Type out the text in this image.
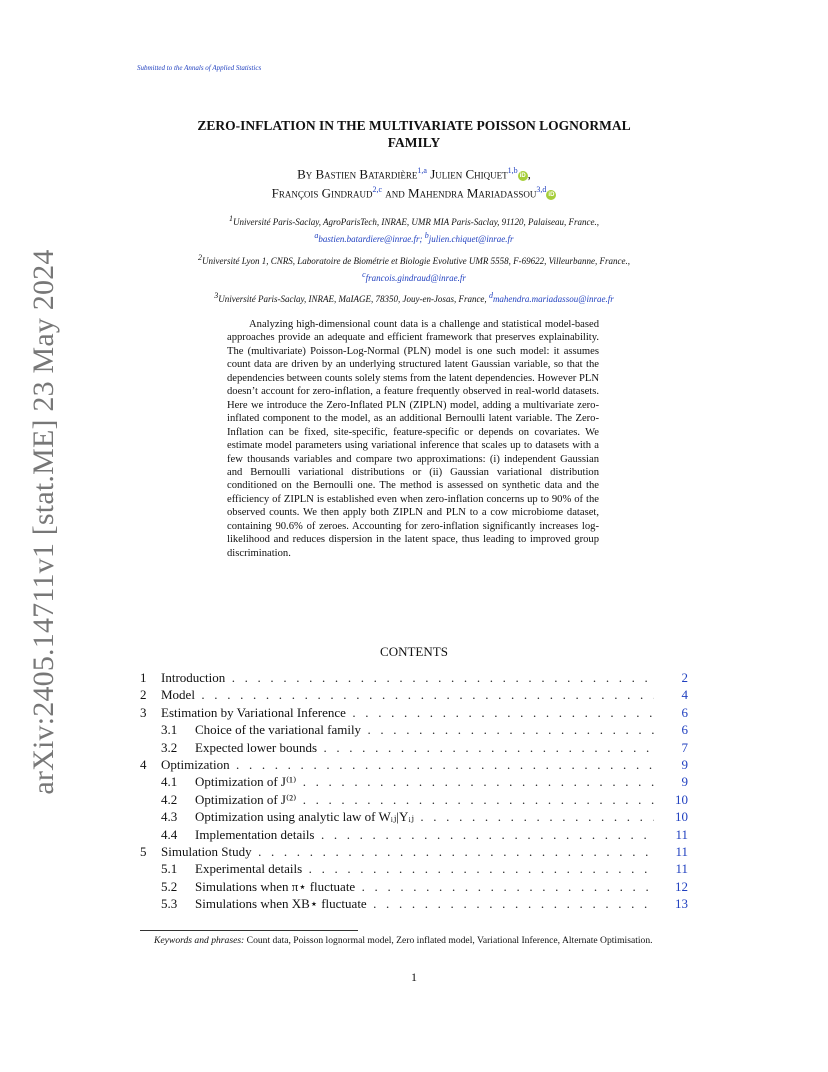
arXiv:2405.14711v1 [stat.ME] 23 May 2024
Submitted to the Annals of Applied Statistics
ZERO-INFLATION IN THE MULTIVARIATE POISSON LOGNORMAL
FAMILY
By Bastien Batardière$^{1,a}$ Julien Chiquet$^{1,b}$iD ,
François Gindraud$^{2,c}$ and Mahendra Mariadassou$^{3,d}$iD
$^1$Université Paris-Saclay, AgroParisTech, INRAE, UMR MIA Paris-Saclay, 91120, Palaiseau, France.,
$^a$bastien.batardiere@inrae.fr; $^b$julien.chiquet@inrae.fr
$^2$Université Lyon 1, CNRS, Laboratoire de Biométrie et Biologie Evolutive UMR 5558, F-69622, Villeurbanne, France.,
$^c$francois.gindraud@inrae.fr
$^3$Université Paris-Saclay, INRAE, MaIAGE, 78350, Jouy-en-Josas, France, $^d$mahendra.mariadassou@inrae.fr

Analyzing high-dimensional count data is a challenge and statistical model-based approaches provide an adequate and efficient framework that preserves explainability. The (multivariate) Poisson-Log-Normal (PLN) model is one such model: it assumes count data are driven by an underlying structured latent Gaussian variable, so that the dependencies between counts solely stems from the latent dependencies. However PLN doesn’t account for zero-inflation, a feature frequently observed in real-world datasets. Here we introduce the Zero-Inflated PLN (ZIPLN) model, adding a multivariate zero-inflated component to the model, as an additional Bernoulli latent variable. The Zero-Inflation can be fixed, site-specific, feature-specific or depends on covariates. We estimate model parameters using variational inference that scales up to datasets with a few thousands variables and compare two approximations: (i) independent Gaussian and Bernoulli variational distributions or (ii) Gaussian variational distribution conditioned on the Bernoulli one. The method is assessed on synthetic data and the efficiency of ZIPLN is established even when zero-inflation concerns up to 90% of the observed counts. We then apply both ZIPLN and PLN to a cow microbiome dataset, containing 90.6% of zeroes. Accounting for zero-inflation significantly increases log-likelihood and reduces dispersion in the latent space, thus leading to improved group discrimination.

CONTENTS
1 Introduction . . .	2
2 Model . . .	4
3 Estimation by Variational Inference . . .	6
3.1 Choice of the variational family . . .	6
3.2 Expected lower bounds . . .	7
4 Optimization . . .	9
4.1 Optimization of J⁽¹⁾ . . .	9
4.2 Optimization of J⁽²⁾ . . .	10
4.3 Optimization using analytic law of Wᵢⱼ|Yᵢⱼ . . .	10
4.4 Implementation details . . .	11
5 Simulation Study . . .	11
5.1 Experimental details . . .	11
5.2 Simulations when π⋆ fluctuate . . .	12
5.3 Simulations when XB⋆ fluctuate . . .	13
Keywords and phrases: Count data, Poisson lognormal model, Zero inflated model, Variational Inference, Alternate Optimisation.
1
